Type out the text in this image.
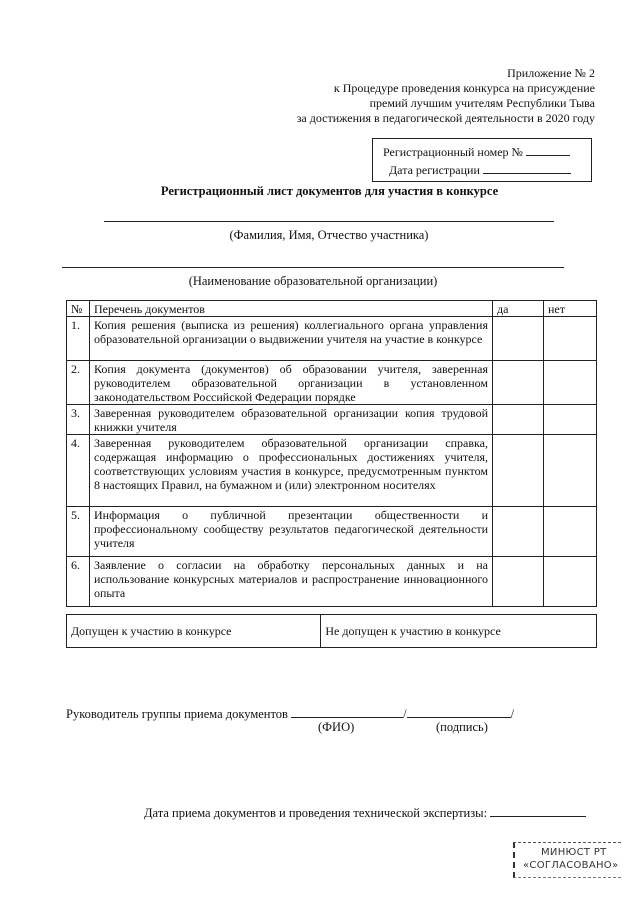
Приложение № 2
к Процедуре проведения конкурса на присуждение
премий лучшим учителям Республики Тыва
за достижения в педагогической деятельности в 2020 году
Регистрационный номер №
Дата регистрации
Регистрационный лист документов для участия в конкурсе
(Фамилия, Имя, Отчество участника)
(Наименование образовательной организации)
№	Перечень документов	да	нет
1.	Копия решения (выписка из решения) коллегиального органа управления образовательной организации о выдвижении учителя на участие в конкурсе		
2.	Копия документа (документов) об образовании учителя, заверенная руководителем образовательной организации в установленном законодательством Российской Федерации порядке		
3.	Заверенная руководителем образовательной организации копия трудовой книжки учителя		
4.	Заверенная руководителем образовательной организации справка, содержащая информацию о профессиональных достижениях учителя, соответствующих условиям участия в конкурсе, предусмотренным пунктом 8 настоящих Правил, на бумажном и (или) электронном носителях		
5.	Информация о публичной презентации общественности и профессиональному сообществу результатов педагогической деятельности учителя		
6.	Заявление о согласии на обработку персональных данных и на использование конкурсных материалов и распространение инновационного опыта		
Допущен к участию в конкурсе	Не допущен к участию в конкурсе
Руководитель группы приема документов	/	/
(ФИО)	(подпись)
Дата приема документов и проведения технической экспертизы:
МИНЮСТ РТ
«СОГЛАСОВАНО»
